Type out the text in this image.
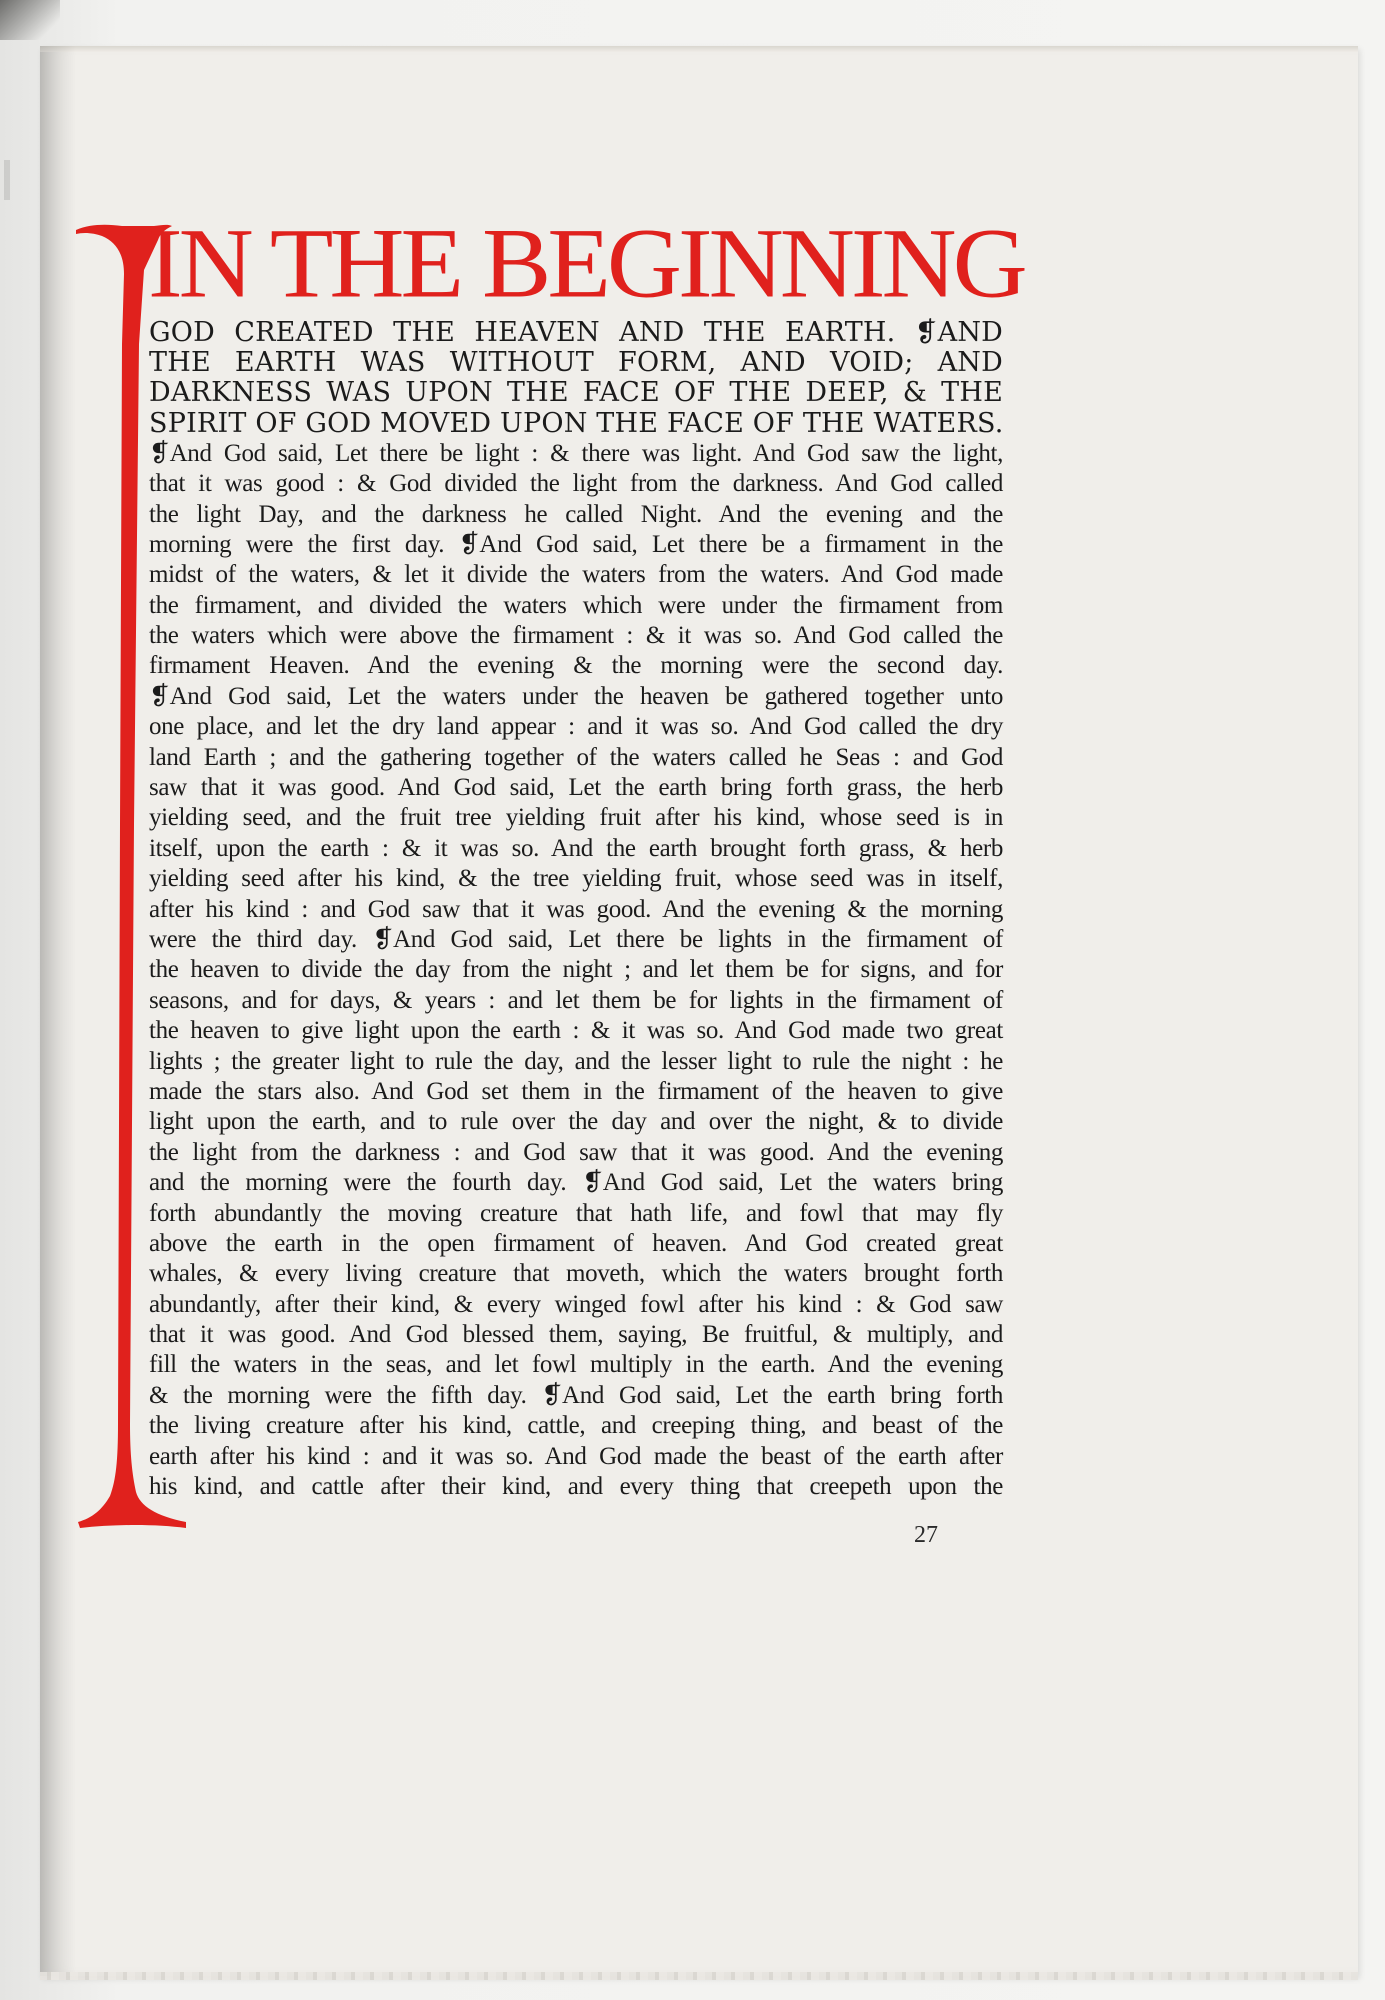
IN THE BEGINNING
GOD CREATED THE HEAVEN AND THE EARTH. ❡AND
THE EARTH WAS WITHOUT FORM, AND VOID; AND
DARKNESS WAS UPON THE FACE OF THE DEEP, & THE
SPIRIT OF GOD MOVED UPON THE FACE OF THE WATERS.
❡And God said, Let there be light : & there was light. And God saw the light,
that it was good : & God divided the light from the darkness. And God called
the light Day, and the darkness he called Night. And the evening and the
morning were the first day. ❡And God said, Let there be a firmament in the
midst of the waters, & let it divide the waters from the waters. And God made
the firmament, and divided the waters which were under the firmament from
the waters which were above the firmament : & it was so. And God called the
firmament Heaven. And the evening & the morning were the second day.
❡And God said, Let the waters under the heaven be gathered together unto
one place, and let the dry land appear : and it was so. And God called the dry
land Earth ; and the gathering together of the waters called he Seas : and God
saw that it was good. And God said, Let the earth bring forth grass, the herb
yielding seed, and the fruit tree yielding fruit after his kind, whose seed is in
itself, upon the earth : & it was so. And the earth brought forth grass, & herb
yielding seed after his kind, & the tree yielding fruit, whose seed was in itself,
after his kind : and God saw that it was good. And the evening & the morning
were the third day. ❡And God said, Let there be lights in the firmament of
the heaven to divide the day from the night ; and let them be for signs, and for
seasons, and for days, & years : and let them be for lights in the firmament of
the heaven to give light upon the earth : & it was so. And God made two great
lights ; the greater light to rule the day, and the lesser light to rule the night : he
made the stars also. And God set them in the firmament of the heaven to give
light upon the earth, and to rule over the day and over the night, & to divide
the light from the darkness : and God saw that it was good. And the evening
and the morning were the fourth day. ❡And God said, Let the waters bring
forth abundantly the moving creature that hath life, and fowl that may fly
above the earth in the open firmament of heaven. And God created great
whales, & every living creature that moveth, which the waters brought forth
abundantly, after their kind, & every winged fowl after his kind : & God saw
that it was good. And God blessed them, saying, Be fruitful, & multiply, and
fill the waters in the seas, and let fowl multiply in the earth. And the evening
& the morning were the fifth day. ❡And God said, Let the earth bring forth
the living creature after his kind, cattle, and creeping thing, and beast of the
earth after his kind : and it was so. And God made the beast of the earth after
his kind, and cattle after their kind, and every thing that creepeth upon the
27
